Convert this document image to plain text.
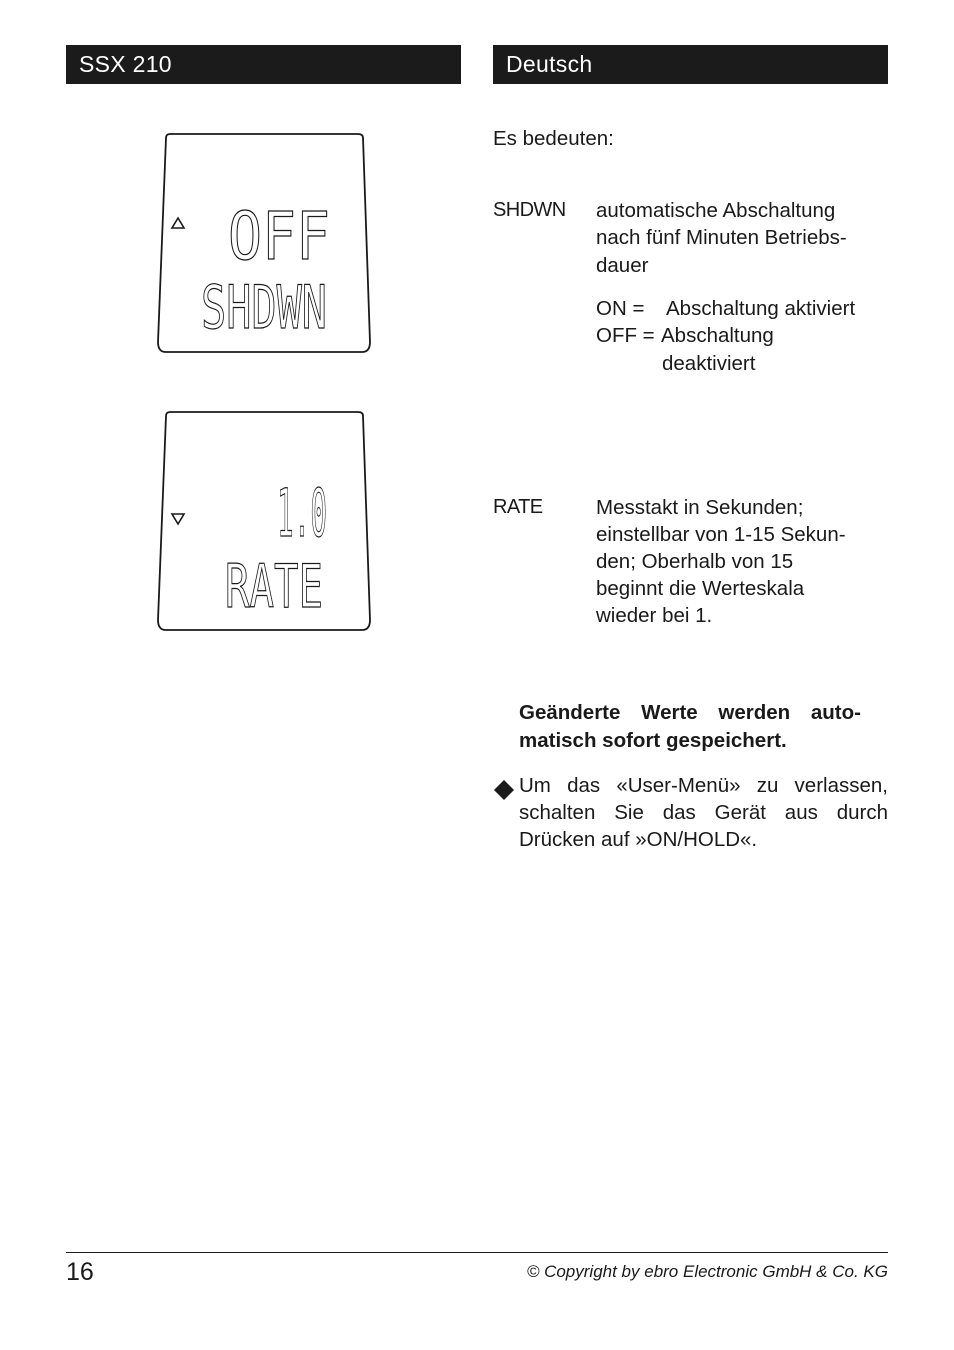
SSX 210	Deutsch
OFF
SHDWN
1.0
RATE
Es bedeuten:
SHDWN automatische Abschaltung
nach fünf Minuten Betriebs-
dauer
ON = Abschaltung aktiviert
OFF = Abschaltung
deaktiviert
RATE	Messtakt in Sekunden;
einstellbar von 1-15 Sekun-
den; Oberhalb von 15
beginnt die Werteskala
wieder bei 1.
Geänderte Werte werden auto-matisch sofort gespeichert.
Um das «User-Menü» zu verlassen, schalten Sie das Gerät aus durch Drücken auf »ON/HOLD«.
16	© Copyright by ebro Electronic GmbH & Co. KG
